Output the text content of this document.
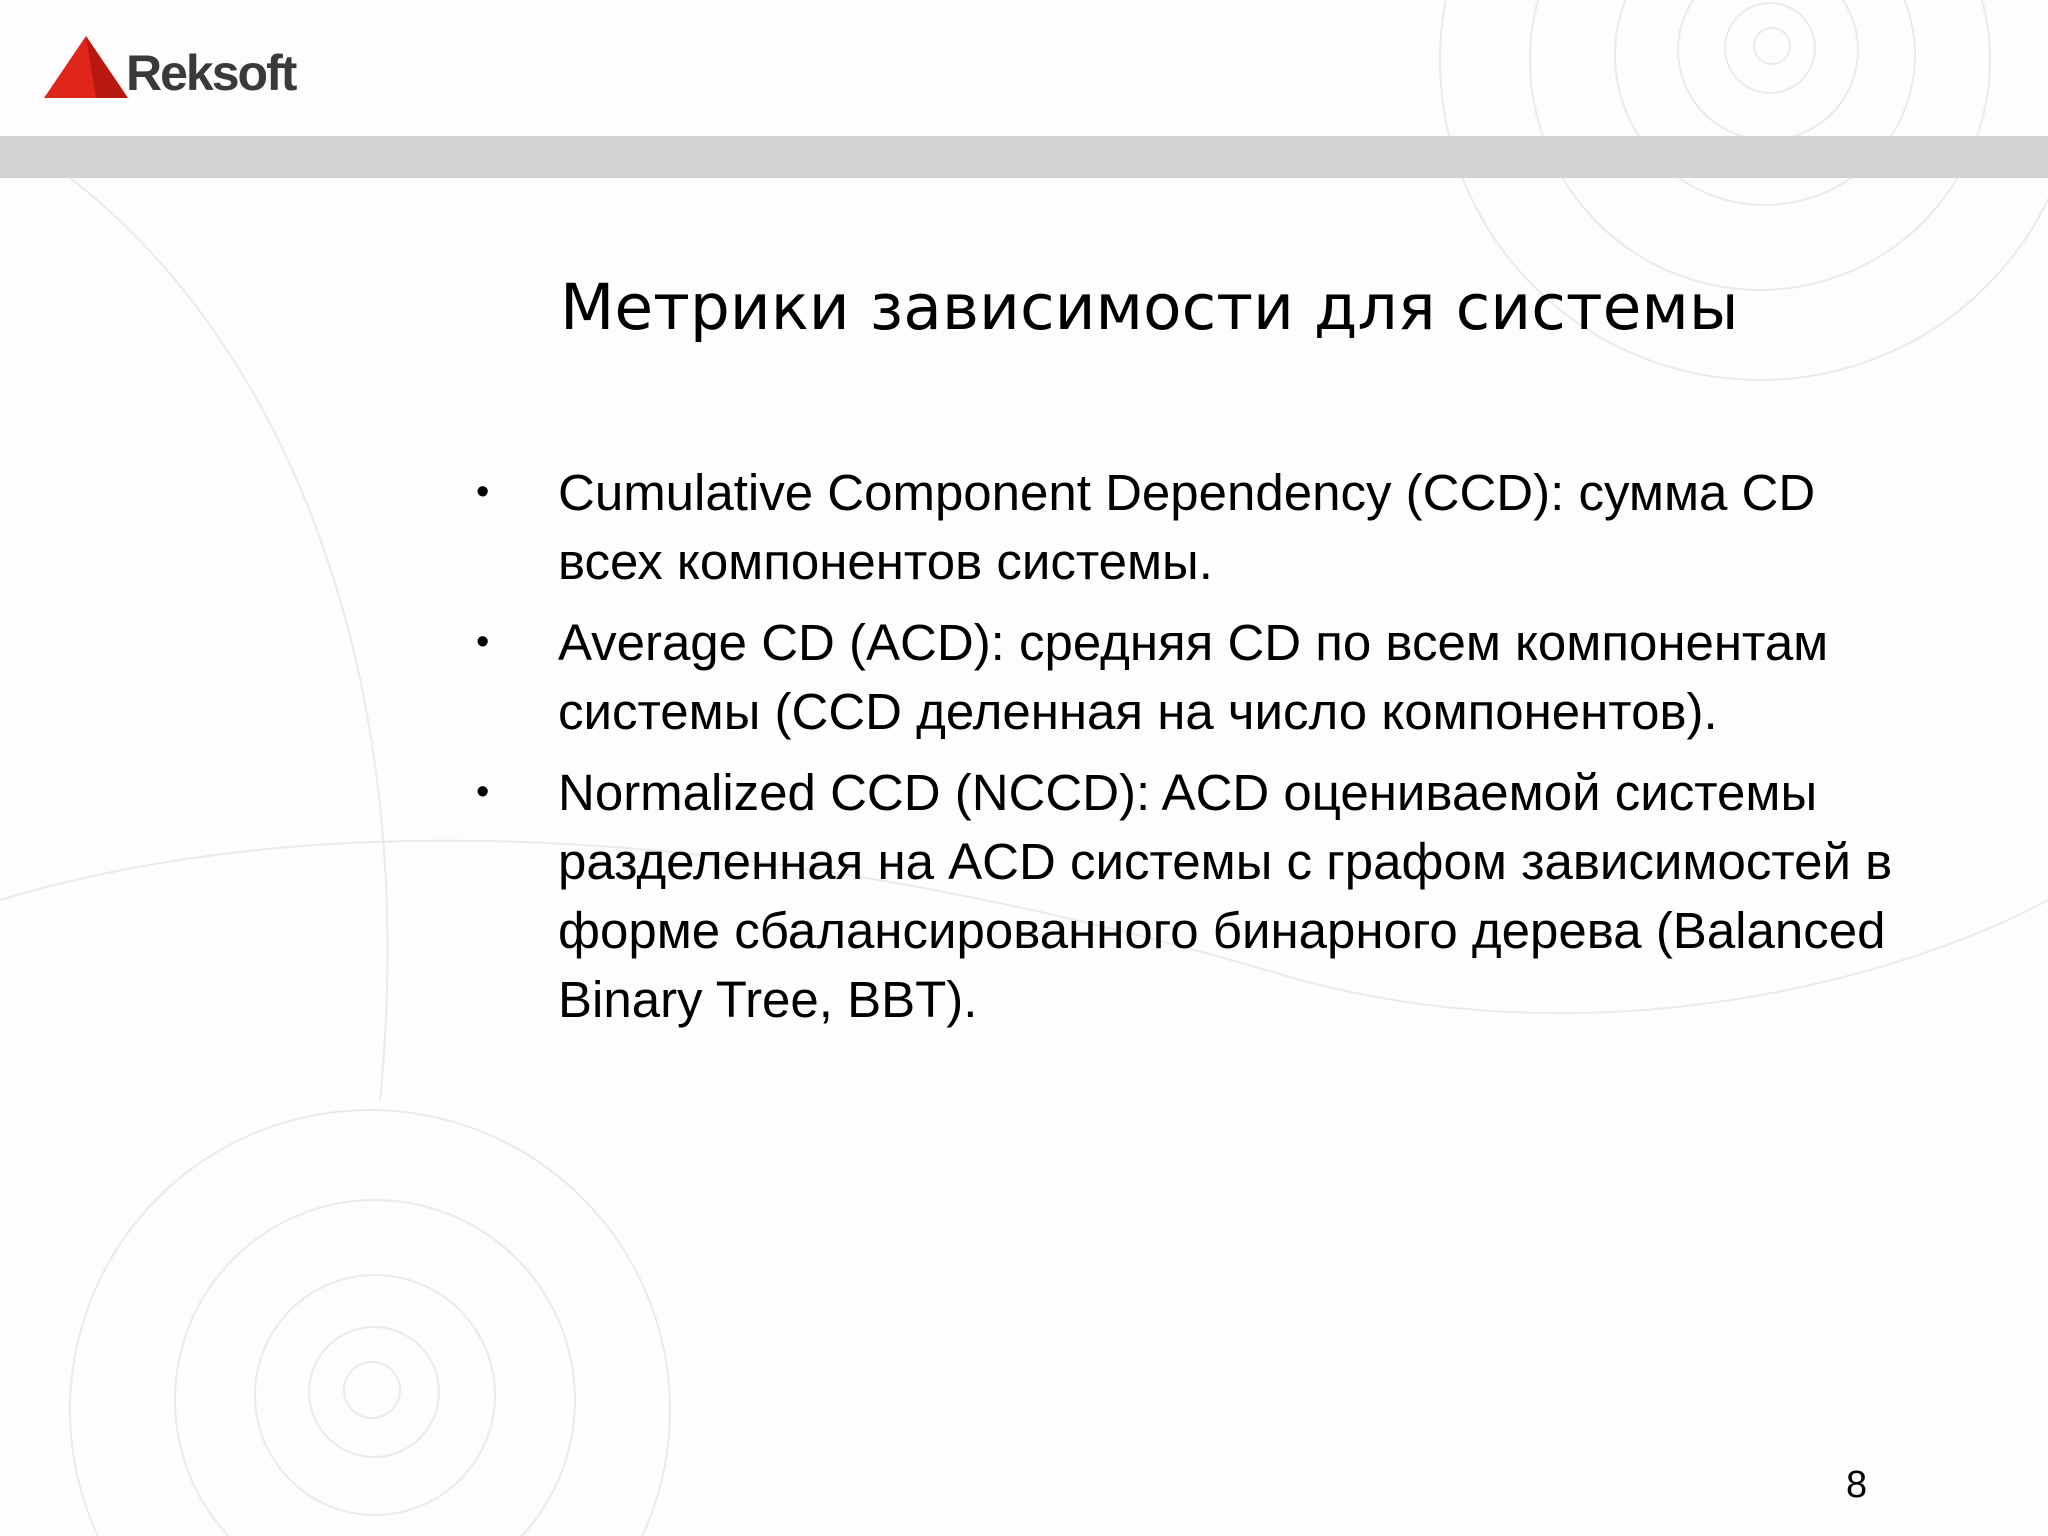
Reksoft
Метрики зависимости для системы
•	Cumulative Component Dependency (CCD): сумма CD всех компонентов системы.
•	Average CD (ACD): средняя CD по всем компонентам системы (CCD деленная на число компонентов).
•	Normalized CCD (NCCD): ACD оцениваемой системы разделенная на ACD системы с графом зависимостей в форме сбалансированного бинарного дерева (Balanced Binary Tree, BBT).
8
